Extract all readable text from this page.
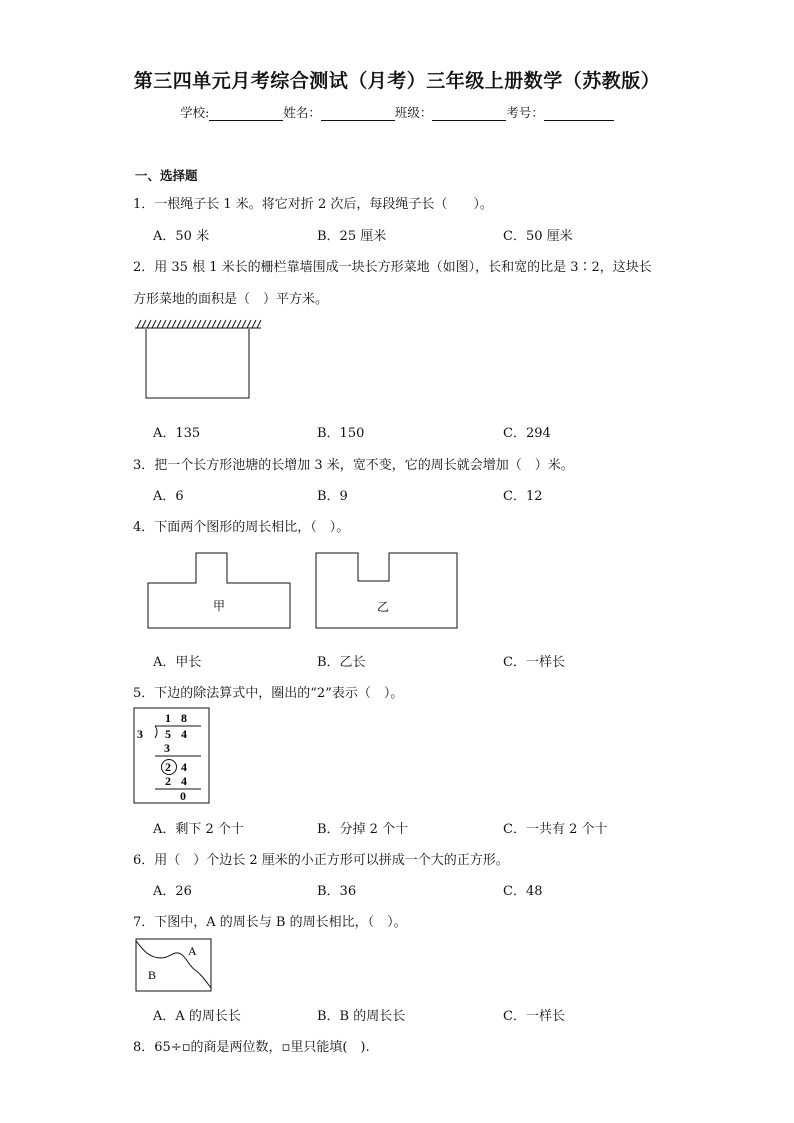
第三四单元月考综合测试（月考）三年级上册数学（苏教版）
学校:	姓名：	班级：	考号：
一、选择题
1．一根绳子长 1 米。将它对折 2 次后，每段绳子长（　　）。
A．50 米	B．25 厘米	C．50 厘米
2．用 35 根 1 米长的栅栏靠墙围成一块长方形菜地（如图），长和宽的比是 3∶2，这块长
方形菜地的面积是（　）平方米。
A．135	B．150	C．294
3．把一个长方形池塘的长增加 3 米，宽不变，它的周长就会增加（　）米。
A．6	B．9	C．12
4．下面两个图形的周长相比，（　）。
甲	乙
A．甲长	B．乙长	C．一样长
5．下边的除法算式中，圈出的“2”表示（　）。
1 8
3 5 4
3
2 4
2 4
0
A．剩下 2 个十	B．分掉 2 个十	C．一共有 2 个十
6．用（　）个边长 2 厘米的小正方形可以拼成一个大的正方形。
A．26	B．36	C．48
7．下图中，A 的周长与 B 的周长相比，（　）。
A
B
A．A 的周长长	B．B 的周长长	C．一样长
8．65÷▫的商是两位数，▫里只能填(　).
